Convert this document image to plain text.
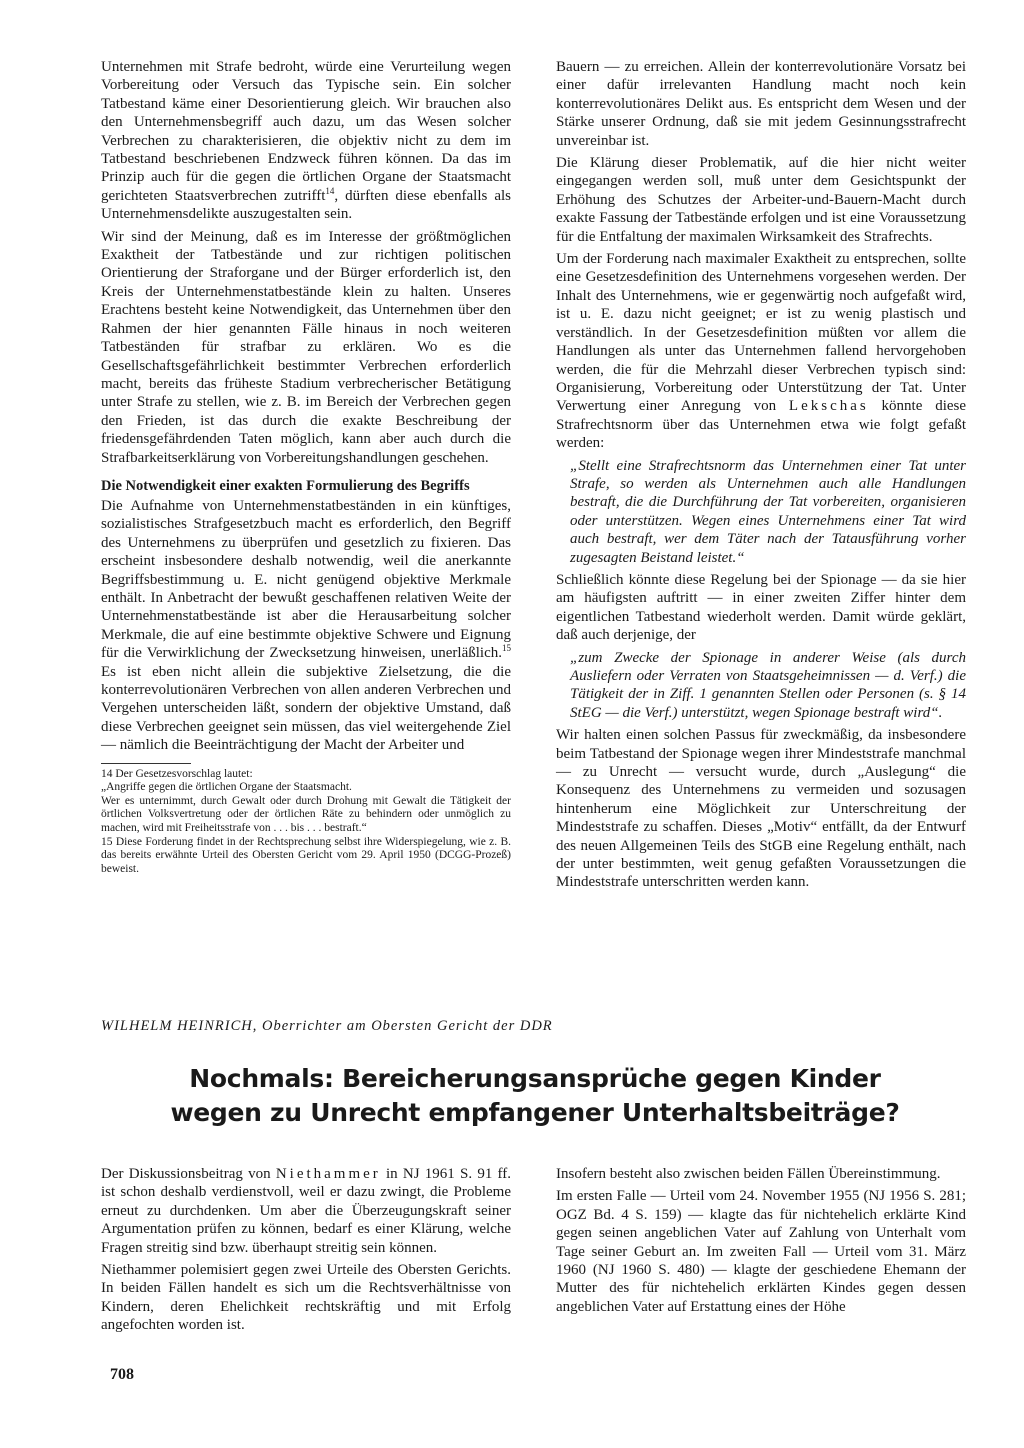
Unternehmen mit Strafe bedroht, würde eine Verurteilung wegen Vorbereitung oder Versuch das Typische sein. Ein solcher Tatbestand käme einer Desorientierung gleich. Wir brauchen also den Unternehmensbegriff auch dazu, um das Wesen solcher Verbrechen zu charakterisieren, die objektiv nicht zu dem im Tatbestand beschriebenen Endzweck führen können. Da das im Prinzip auch für die gegen die örtlichen Organe der Staatsmacht gerichteten Staatsverbrechen zutrifft$^{14}$, dürften diese ebenfalls als Unternehmensdelikte auszugestalten sein.

Wir sind der Meinung, daß es im Interesse der größtmöglichen Exaktheit der Tatbestände und zur richtigen politischen Orientierung der Straforgane und der Bürger erforderlich ist, den Kreis der Unternehmenstatbestände klein zu halten. Unseres Erachtens besteht keine Notwendigkeit, das Unternehmen über den Rahmen der hier genannten Fälle hinaus in noch weiteren Tatbeständen für strafbar zu erklären. Wo es die Gesellschaftsgefährlichkeit bestimmter Verbrechen erforderlich macht, bereits das früheste Stadium verbrecherischer Betätigung unter Strafe zu stellen, wie z. B. im Bereich der Verbrechen gegen den Frieden, ist das durch die exakte Beschreibung der friedensgefährdenden Taten möglich, kann aber auch durch die Strafbarkeitserklärung von Vorbereitungshandlungen geschehen.

Die Notwendigkeit einer exakten Formulierung des Begriffs

Die Aufnahme von Unternehmenstatbeständen in ein künftiges, sozialistisches Strafgesetzbuch macht es erforderlich, den Begriff des Unternehmens zu überprüfen und gesetzlich zu fixieren. Das erscheint insbesondere deshalb notwendig, weil die anerkannte Begriffsbestimmung u. E. nicht genügend objektive Merkmale enthält. In Anbetracht der bewußt geschaffenen relativen Weite der Unternehmenstatbestände ist aber die Herausarbeitung solcher Merkmale, die auf eine bestimmte objektive Schwere und Eignung für die Verwirklichung der Zwecksetzung hinweisen, unerläßlich.$^{15}$ Es ist eben nicht allein die subjektive Zielsetzung, die die konterrevolutionären Verbrechen von allen anderen Verbrechen und Vergehen unterscheiden läßt, sondern der objektive Umstand, daß diese Verbrechen geeignet sein müssen, das viel weitergehende Ziel — nämlich die Beeinträchtigung der Macht der Arbeiter und

14 Der Gesetzesvorschlag lautet:

„Angriffe gegen die örtlichen Organe der Staatsmacht.

Wer es unternimmt, durch Gewalt oder durch Drohung mit Gewalt die Tätigkeit der örtlichen Volksvertretung oder der örtlichen Räte zu behindern oder unmöglich zu machen, wird mit Freiheitsstrafe von . . . bis . . . bestraft.“

15 Diese Forderung findet in der Rechtsprechung selbst ihre Widerspiegelung, wie z. B. das bereits erwähnte Urteil des Obersten Gericht vom 29. April 1950 (DCGG-Prozeß) beweist.

Bauern — zu erreichen. Allein der konterrevolutionäre Vorsatz bei einer dafür irrelevanten Handlung macht noch kein konterrevolutionäres Delikt aus. Es entspricht dem Wesen und der Stärke unserer Ordnung, daß sie mit jedem Gesinnungsstrafrecht unvereinbar ist.

Die Klärung dieser Problematik, auf die hier nicht weiter eingegangen werden soll, muß unter dem Gesichtspunkt der Erhöhung des Schutzes der Arbeiter-und-Bauern-Macht durch exakte Fassung der Tatbestände erfolgen und ist eine Voraussetzung für die Entfaltung der maximalen Wirksamkeit des Strafrechts.

Um der Forderung nach maximaler Exaktheit zu entsprechen, sollte eine Gesetzesdefinition des Unternehmens vorgesehen werden. Der Inhalt des Unternehmens, wie er gegenwärtig noch aufgefaßt wird, ist u. E. dazu nicht geeignet; er ist zu wenig plastisch und verständlich. In der Gesetzesdefinition müßten vor allem die Handlungen als unter das Unternehmen fallend hervorgehoben werden, die für die Mehrzahl dieser Verbrechen typisch sind: Organisierung, Vorbereitung oder Unterstützung der Tat. Unter Verwertung einer Anregung von Lekschas könnte diese Strafrechtsnorm über das Unternehmen etwa wie folgt gefaßt werden:

„Stellt eine Strafrechtsnorm das Unternehmen einer Tat unter Strafe, so werden als Unternehmen auch alle Handlungen bestraft, die die Durchführung der Tat vorbereiten, organisieren oder unterstützen. Wegen eines Unternehmens einer Tat wird auch bestraft, wer dem Täter nach der Tatausführung vorher zugesagten Beistand leistet.“

Schließlich könnte diese Regelung bei der Spionage — da sie hier am häufigsten auftritt — in einer zweiten Ziffer hinter dem eigentlichen Tatbestand wiederholt werden. Damit würde geklärt, daß auch derjenige, der

„zum Zwecke der Spionage in anderer Weise (als durch Ausliefern oder Verraten von Staatsgeheimnissen — d. Verf.) die Tätigkeit der in Ziff. 1 genannten Stellen oder Personen (s. § 14 StEG — die Verf.) unterstützt, wegen Spionage bestraft wird“.

Wir halten einen solchen Passus für zweckmäßig, da insbesondere beim Tatbestand der Spionage wegen ihrer Mindeststrafe manchmal — zu Unrecht — versucht wurde, durch „Auslegung“ die Konsequenz des Unternehmens zu vermeiden und sozusagen hintenherum eine Möglichkeit zur Unterschreitung der Mindeststrafe zu schaffen. Dieses „Motiv“ entfällt, da der Entwurf des neuen Allgemeinen Teils des StGB eine Regelung enthält, nach der unter bestimmten, weit genug gefaßten Voraussetzungen die Mindeststrafe unterschritten werden kann.

WILHELM HEINRICH, Oberrichter am Obersten Gericht der DDR
Nochmals: Bereicherungsansprüche gegen Kinder
wegen zu Unrecht empfangener Unterhaltsbeiträge?

Der Diskussionsbeitrag von Niethammer in NJ 1961 S. 91 ff. ist schon deshalb verdienstvoll, weil er dazu zwingt, die Probleme erneut zu durchdenken. Um aber die Überzeugungskraft seiner Argumentation prüfen zu können, bedarf es einer Klärung, welche Fragen streitig sind bzw. überhaupt streitig sein können.

Niethammer polemisiert gegen zwei Urteile des Obersten Gerichts. In beiden Fällen handelt es sich um die Rechtsverhältnisse von Kindern, deren Ehelichkeit rechtskräftig und mit Erfolg angefochten worden ist.

Insofern besteht also zwischen beiden Fällen Übereinstimmung.

Im ersten Falle — Urteil vom 24. November 1955 (NJ 1956 S. 281; OGZ Bd. 4 S. 159) — klagte das für nichtehelich erklärte Kind gegen seinen angeblichen Vater auf Zahlung von Unterhalt vom Tage seiner Geburt an. Im zweiten Fall — Urteil vom 31. März 1960 (NJ 1960 S. 480) — klagte der geschiedene Ehemann der Mutter des für nichtehelich erklärten Kindes gegen dessen angeblichen Vater auf Erstattung eines der Höhe

708
